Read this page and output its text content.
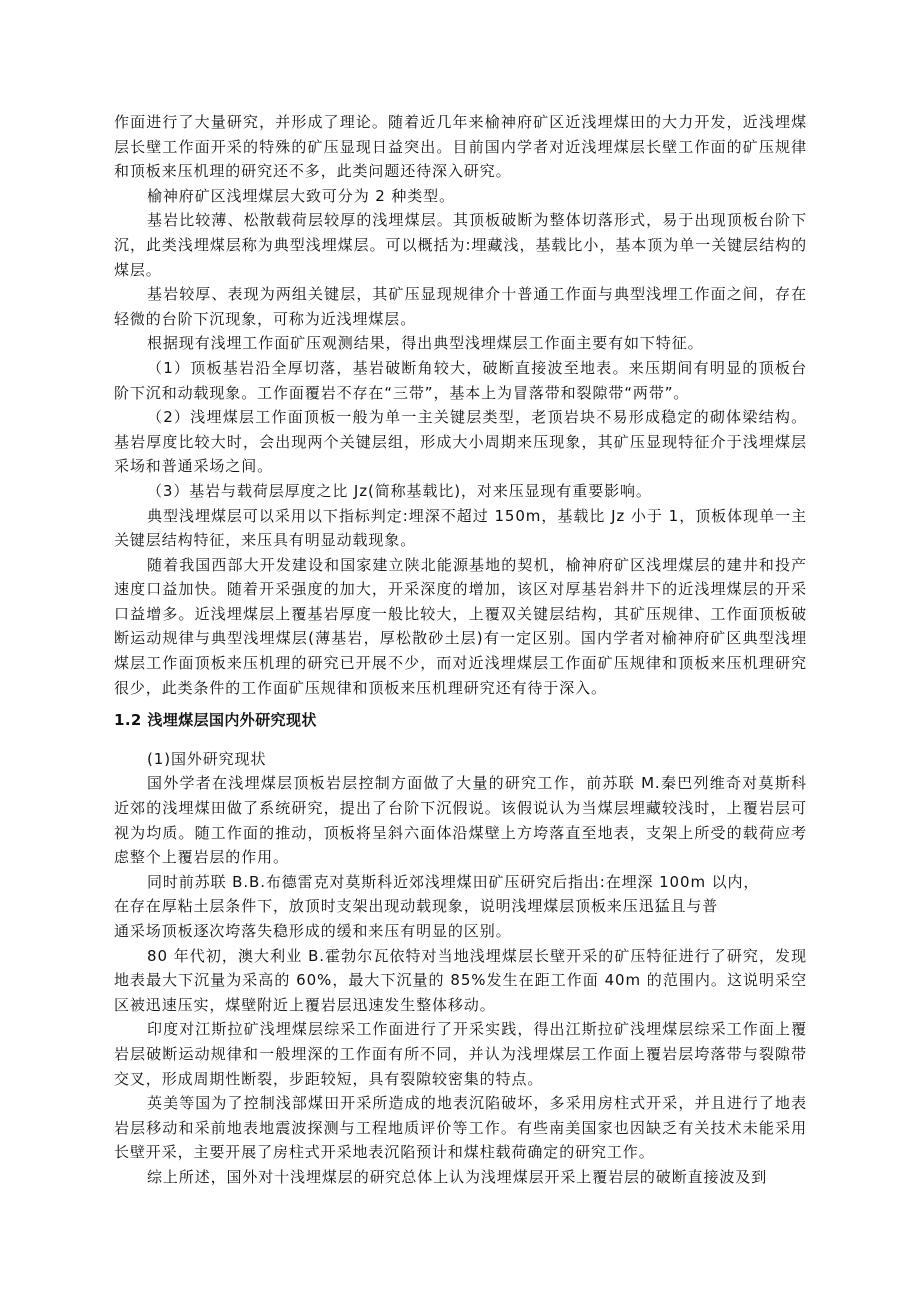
作面进行了大量研究，并形成了理论。随着近几年来榆神府矿区近浅埋煤田的大力开发，近浅埋煤层长壁工作面开采的特殊的矿压显现日益突出。目前国内学者对近浅埋煤层长壁工作面的矿压规律和顶板来压机理的研究还不多，此类问题还待深入研究。

榆神府矿区浅埋煤层大致可分为 2 种类型。

基岩比较薄、松散载荷层较厚的浅埋煤层。其顶板破断为整体切落形式，易于出现顶板台阶下沉，此类浅埋煤层称为典型浅埋煤层。可以概括为:埋藏浅，基载比小，基本顶为单一关键层结构的煤层。

基岩较厚、表现为两组关键层，其矿压显现规律介十普通工作面与典型浅埋工作面之间，存在轻微的台阶下沉现象，可称为近浅埋煤层。

根据现有浅埋工作面矿压观测结果，得出典型浅埋煤层工作面主要有如下特征。

（1）顶板基岩沿全厚切落，基岩破断角较大，破断直接波至地表。来压期间有明显的顶板台阶下沉和动载现象。工作面覆岩不存在“三带”，基本上为冒落带和裂隙带“两带”。

（2）浅埋煤层工作面顶板一般为单一主关键层类型，老顶岩块不易形成稳定的砌体梁结构。基岩厚度比较大时，会出现两个关键层组，形成大小周期来压现象，其矿压显现特征介于浅埋煤层采场和普通采场之间。

（3）基岩与载荷层厚度之比 Jz(简称基载比)，对来压显现有重要影响。

典型浅埋煤层可以采用以下指标判定:埋深不超过 150m，基载比 Jz 小于 1，顶板体现单一主关键层结构特征，来压具有明显动载现象。

随着我国西部大开发建设和国家建立陕北能源基地的契机，榆神府矿区浅埋煤层的建井和投产速度口益加快。随着开采强度的加大，开采深度的增加，该区对厚基岩斜井下的近浅埋煤层的开采口益增多。近浅埋煤层上覆基岩厚度一般比较大，上覆双关键层结构，其矿压规律、工作面顶板破断运动规律与典型浅埋煤层(薄基岩，厚松散砂土层)有一定区别。国内学者对榆神府矿区典型浅埋煤层工作面顶板来压机理的研究已开展不少，而对近浅埋煤层工作面矿压规律和顶板来压机理研究很少，此类条件的工作面矿压规律和顶板来压机理研究还有待于深入。

1.2 浅埋煤层国内外研究现状

(1)国外研究现状

国外学者在浅埋煤层顶板岩层控制方面做了大量的研究工作，前苏联 M.秦巴列维奇对莫斯科近郊的浅埋煤田做了系统研究，提出了台阶下沉假说。该假说认为当煤层埋藏较浅时，上覆岩层可视为均质。随工作面的推动，顶板将呈斜六面体沿煤壁上方垮落直至地表，支架上所受的载荷应考虑整个上覆岩层的作用。

同时前苏联 B.B.布德雷克对莫斯科近郊浅埋煤田矿压研究后指出:在埋深 100m 以内，
在存在厚粘土层条件下，放顶时支架出现动载现象，说明浅埋煤层顶板来压迅猛且与普
通采场顶板逐次垮落失稳形成的缓和来压有明显的区别。

80 年代初，澳大利业 B.霍勃尔瓦依特对当地浅埋煤层长壁开采的矿压特征进行了研究，发现地表最大下沉量为采高的 60%，最大下沉量的 85%发生在距工作面 40m 的范围内。这说明采空区被迅速压实，煤壁附近上覆岩层迅速发生整体移动。

印度对江斯拉矿浅埋煤层综采工作面进行了开采实践，得出江斯拉矿浅埋煤层综采工作面上覆岩层破断运动规律和一般埋深的工作面有所不同，并认为浅埋煤层工作面上覆岩层垮落带与裂隙带交叉，形成周期性断裂，步距较短，具有裂隙较密集的特点。

英美等国为了控制浅部煤田开采所造成的地表沉陷破坏，多采用房柱式开采，并且进行了地表岩层移动和采前地表地震波探测与工程地质评价等工作。有些南美国家也因缺乏有关技术未能采用长壁开采，主要开展了房柱式开采地表沉陷预计和煤柱载荷确定的研究工作。

综上所述，国外对十浅埋煤层的研究总体上认为浅埋煤层开采上覆岩层的破断直接波及到
